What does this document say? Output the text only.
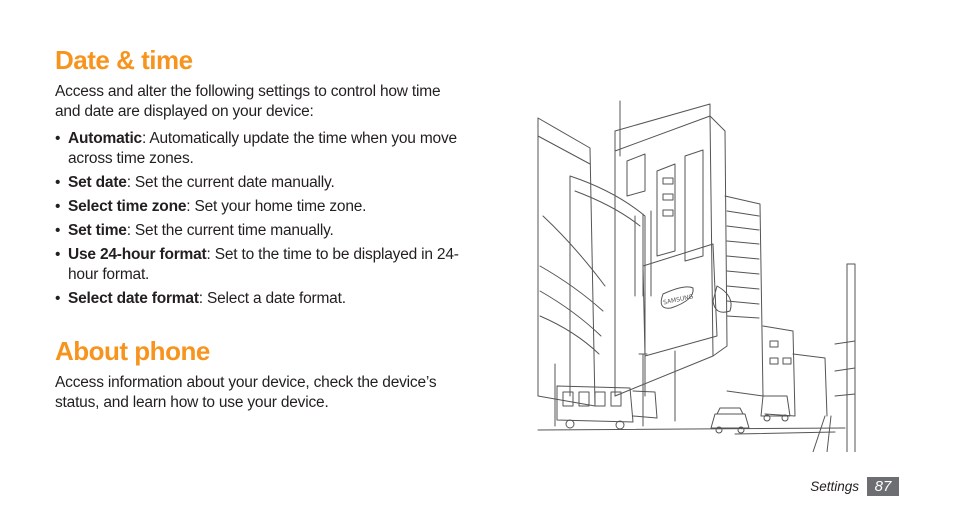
Date & time

Access and alter the following settings to control how time and date are displayed on your device:

• Automatic: Automatically update the time when you move across time zones.
• Set date: Set the current date manually.
• Select time zone: Set your home time zone.
• Set time: Set the current time manually.
• Use 24-hour format: Set to the time to be displayed in 24-hour format.
• Select date format: Select a date format.
About phone

Access information about your device, check the device’s status, and learn how to use your device.

SAMSUNG
Settings	87
